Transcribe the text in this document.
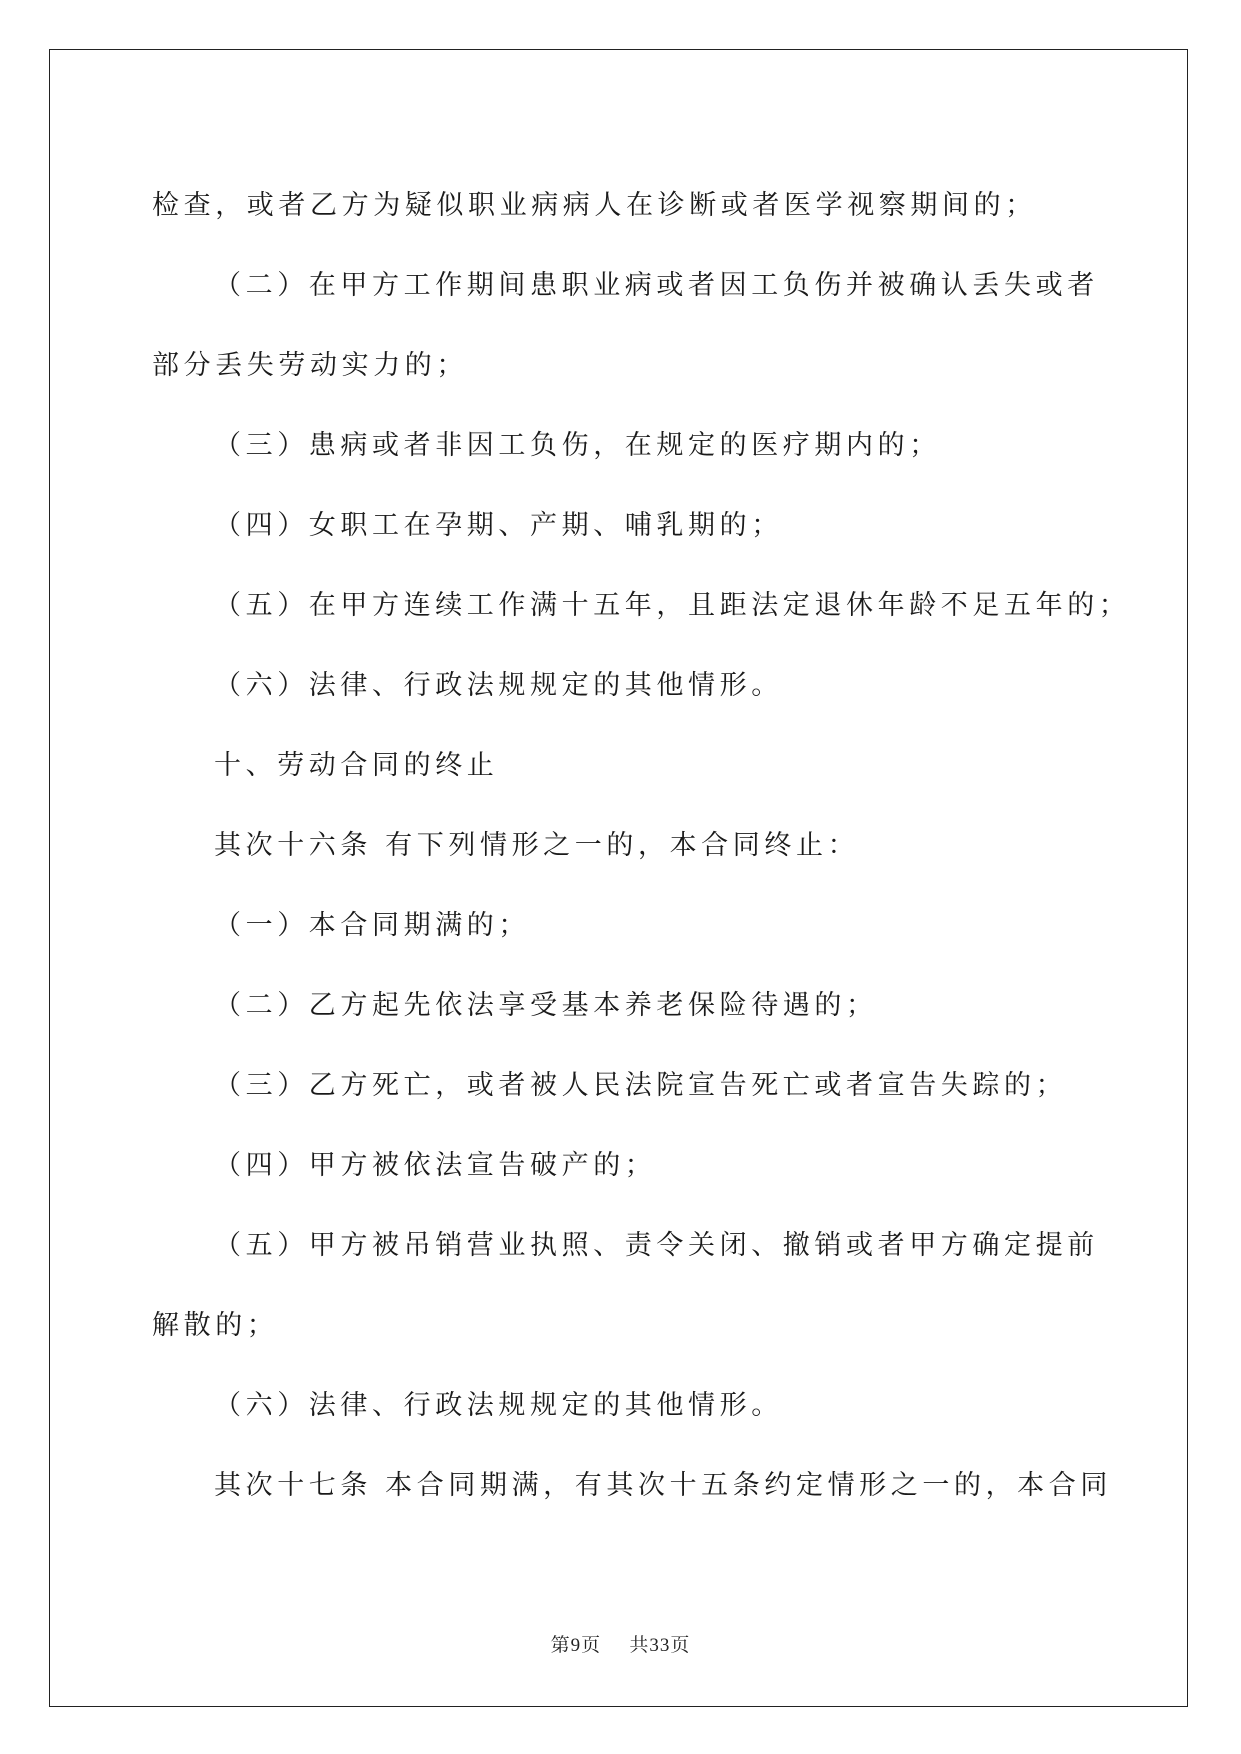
检查，或者乙方为疑似职业病病人在诊断或者医学视察期间的；
（二）在甲方工作期间患职业病或者因工负伤并被确认丢失或者
部分丢失劳动实力的；
（三）患病或者非因工负伤，在规定的医疗期内的；
（四）女职工在孕期、产期、哺乳期的；
（五）在甲方连续工作满十五年，且距法定退休年龄不足五年的；
（六）法律、行政法规规定的其他情形。
十、劳动合同的终止
其次十六条 有下列情形之一的，本合同终止：
（一）本合同期满的；
（二）乙方起先依法享受基本养老保险待遇的；
（三）乙方死亡，或者被人民法院宣告死亡或者宣告失踪的；
（四）甲方被依法宣告破产的；
（五）甲方被吊销营业执照、责令关闭、撤销或者甲方确定提前
解散的；
（六）法律、行政法规规定的其他情形。
其次十七条 本合同期满，有其次十五条约定情形之一的，本合同
第9页 共33页
